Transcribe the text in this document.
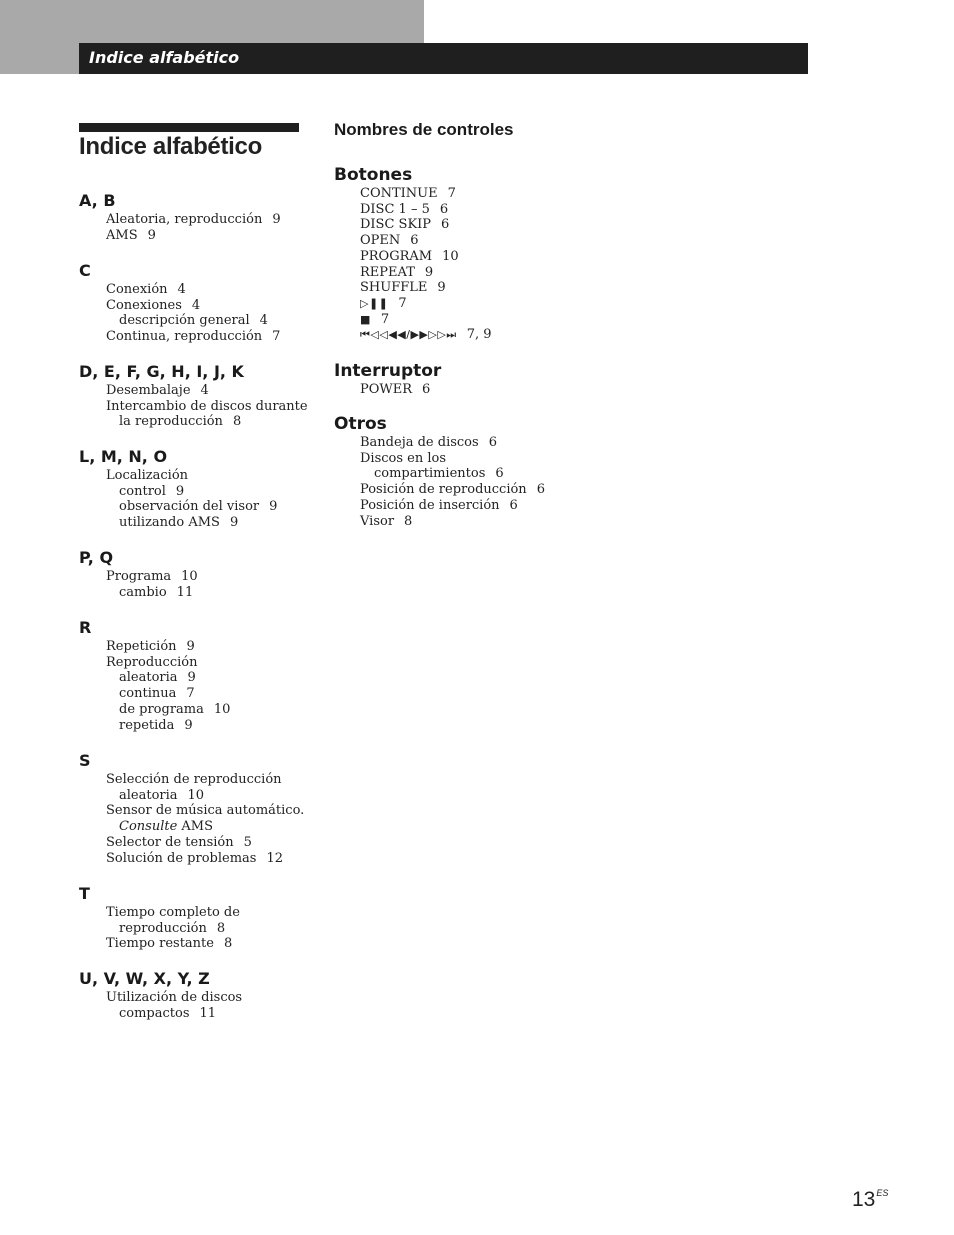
Indice alfabético
Indice alfabético
A, B
Aleatoria, reproducción 9
AMS 9
C
Conexión 4
Conexiones 4
descripción general 4
Continua, reproducción 7
D, E, F, G, H, I, J, K
Desembalaje 4
Intercambio de discos durante
la reproducción 8
L, M, N, O
Localización
control 9
observación del visor 9
utilizando AMS 9
P, Q
Programa 10
cambio 11
R
Repetición 9
Reproducción
aleatoria 9
continua 7
de programa 10
repetida 9
S
Selección de reproducción
aleatoria 10
Sensor de música automático.
Consulte AMS
Selector de tensión 5
Solución de problemas 12
T
Tiempo completo de
reproducción 8
Tiempo restante 8
U, V, W, X, Y, Z
Utilización de discos
compactos 11
Nombres de controles
Botones
CONTINUE 7
DISC 1 – 5 6
DISC SKIP 6
OPEN 6
PROGRAM 10
REPEAT 9
SHUFFLE 9
▷❚❚ 7
■ 7
⏮◁◁◀◀/▶▶▷▷⏭ 7, 9
Interruptor
POWER 6
Otros
Bandeja de discos 6
Discos en los
compartimientos 6
Posición de reproducción 6
Posición de inserción 6
Visor 8
$13^{ES}$
